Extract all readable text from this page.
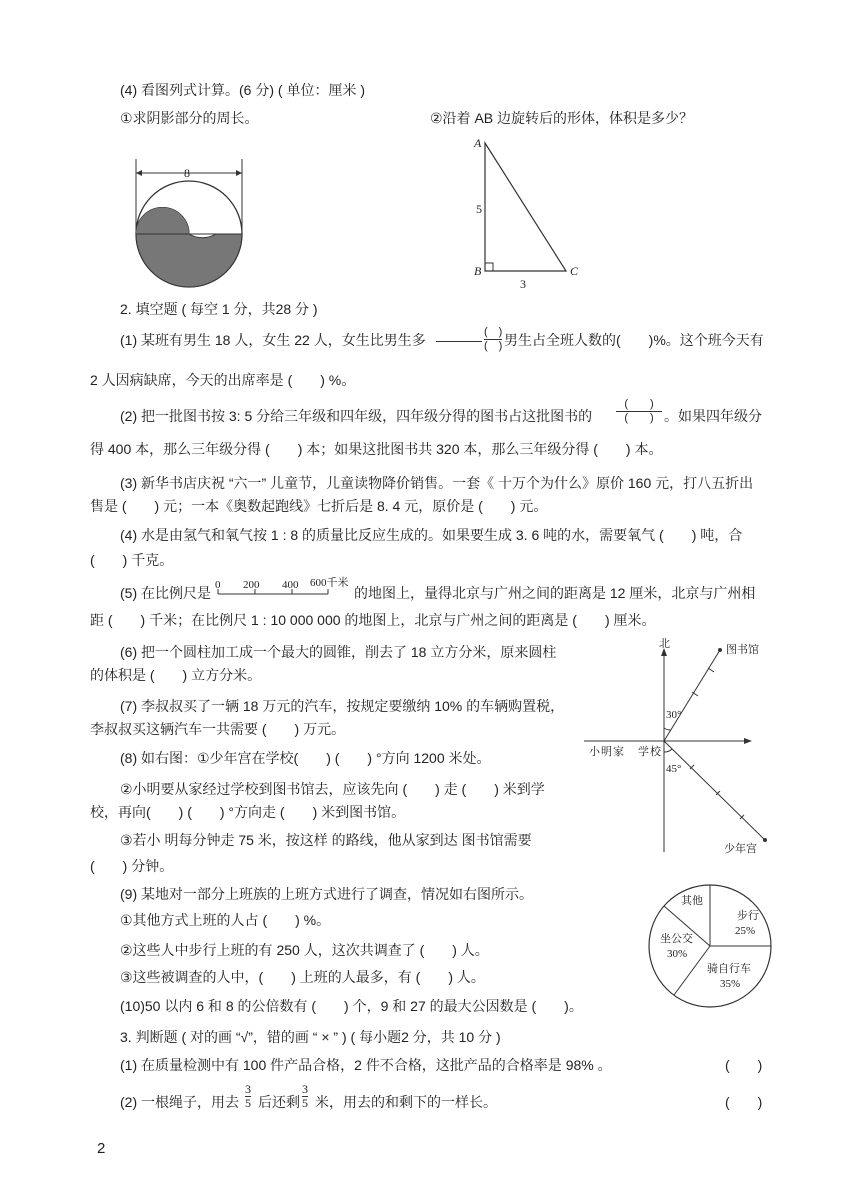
(4) 看图列式计算。(6 分) ( 单位：厘米 )
①求阴影部分的周长。	②沿着 AB 边旋转后的形体，体积是多少？
8
A
B	C
5
3
2. 填空题 ( 每空 1 分，共28 分 )
(1) 某班有男生 18 人，女生 22 人，女生比男生多	(　)
(　) 男生占全班人数的(　　)%。这个班今天有
2 人因病缺席，今天的出席率是 (　　) %。
(2) 把一批图书按 3: 5 分给三年级和四年级，四年级分得的图书占这批图书的
(　　)
(　　) 。如果四年级分
得 400 本，那么三年级分得 (　　) 本；如果这批图书共 320 本，那么三年级分得 (　　) 本。
(3) 新华书店庆祝 “六一” 儿童节，儿童读物降价销售。一套《 十万个为什么》原价 160 元，打八五折出
售是 (　　) 元；一本《奥数起跑线》七折后是 8. 4 元，原价是 (　　) 元。
(4) 水是由氢气和氧气按 1 : 8 的质量比反应生成的。如果要生成 3. 6 吨的水，需要氧气 (　　) 吨，合
(　　) 千克。
(5) 在比例尺是 0 200 400 600千米
的地图上，量得北京与广州之间的距离是 12 厘米，北京与广州相
距 (　　) 千米；在比例尺 1 : 10 000 000 的地图上，北京与广州之间的距离是 (　　) 厘米。
(6) 把一个圆柱加工成一个最大的圆锥，削去了 18 立方分米，原来圆柱
的体积是 (　　) 立方分米。
(7) 李叔叔买了一辆 18 万元的汽车，按规定要缴纳 10% 的车辆购置税，
李叔叔买这辆汽车一共需要 (　　) 万元。
(8) 如右图：①少年宫在学校(　　) (　　) °方向 1200 米处。
②小明要从家经过学校到图书馆去，应该先向 (　　) 走 (　　) 米到学
校，再向(　　) (　　) °方向走 (　　) 米到图书馆。
③若小 明每分钟走 75 米，按这样 的路线，他从家到达 图书馆需要
(　　) 分钟。
北	图书馆
小明家 学校
少年宫
30°
45°
(9) 某地对一部分上班族的上班方式进行了调查，情况如右图所示。
①其他方式上班的人占 (　　) %。
②这些人中步行上班的有 250 人，这次共调查了 (　　) 人。
③这些被调查的人中，(　　) 上班的人最多，有 (　　) 人。
(10)50 以内 6 和 8 的公倍数有 (　　) 个，9 和 27 的最大公因数是 (　　)。
其他
步行
25%
坐公交
30%
骑自行车
35%
3. 判断题 ( 对的画 “√”，错的画 “ × ” ) ( 每小题2 分，共 10 分 )
(1) 在质量检测中有 100 件产品合格，2 件不合格，这批产品的合格率是 98% 。	(　　)
(2) 一根绳子，用去
3
5 后还剩
3
5 米，用去的和剩下的一样长。	(　　)
2
